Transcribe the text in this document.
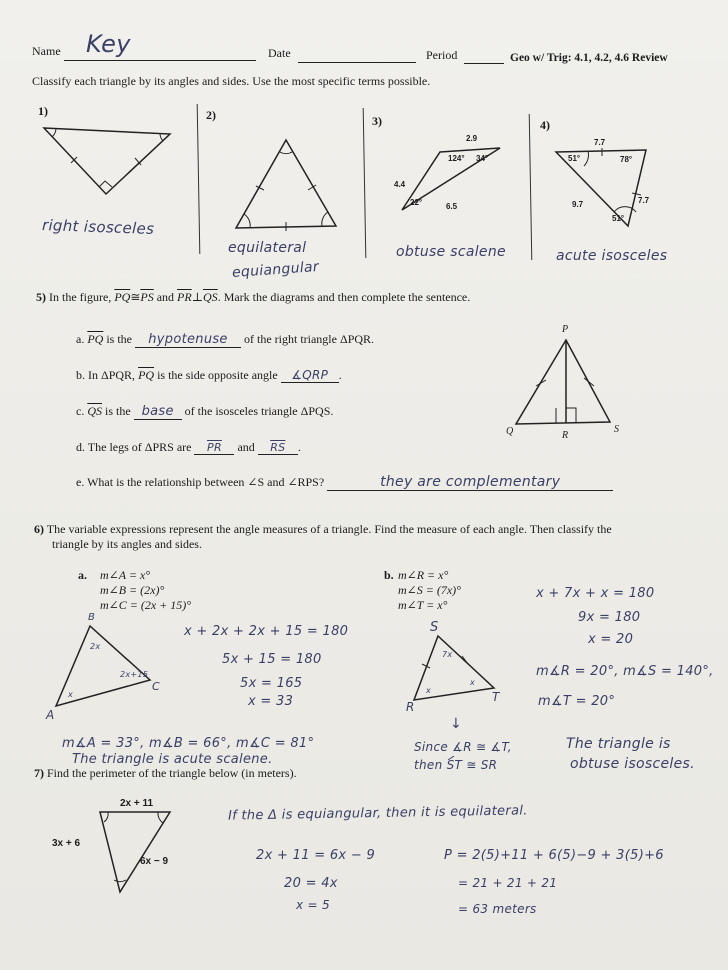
Name Key	Date	Period	Geo w/ Trig: 4.1, 4.2, 4.6 Review
Classify each triangle by its angles and sides. Use the most specific terms possible.
1)	2)	3)	4)
right isosceles
equilateral
equiangular
2.9
124° 34°
4.4
22°	6.5
obtuse scalene
7.7
51°	78°
7.7
9.7
51°
acute isosceles
5) In the figure, $\overline{PQ}≅\overline{PS}$ and $\overline{PR}\perp\overline{QS}$. Mark the diagrams and then complete the sentence.
a. $\overline{PQ}$ is the hypotenuse of the right triangle ΔPQR.
b. In ΔPQR, $\overline{PQ}$ is the side opposite angle ∡QRP .
c. $\overline{QS}$ is the base of the isosceles triangle ΔPQS.
d. The legs of ΔPRS are $\overline{PR}$ and $\overline{RS}$ .
e. What is the relationship between ∠S and ∠RPS?	they are complementary
P
Q	R
S
6) The variable expressions represent the angle measures of a triangle. Find the measure of each angle. Then classify the
triangle by its angles and sides.
a. m∠A = x°
m∠B = (2x)°
m∠C = (2x + 15)°
b. m∠R = x°
m∠S = (7x)°
m∠T = x°
B
A
C
2x
2x+15
x
x + 2x + 2x + 15 = 180
5x + 15 = 180
5x = 165
x = 33
m∡A = 33°, m∡B = 66°, m∡C = 81°
The triangle is acute scalene.
S
R
T
7x
x
x
x + 7x + x = 180
9x = 180
x = 20
m∡R = 20°, m∡S = 140°,
m∡T = 20°
↓
Since ∡R ≅ ∡T,
then ST ≅ SR
The triangle is
obtuse isosceles.
7) Find the perimeter of the triangle below (in meters).
2x + 11
3x + 6
6x − 9
If the Δ is equiangular, then it is equilateral.
2x + 11 = 6x − 9
20 = 4x
x = 5
P = 2(5)+11 + 6(5)−9 + 3(5)+6
= 21 + 21 + 21
= 63 meters
